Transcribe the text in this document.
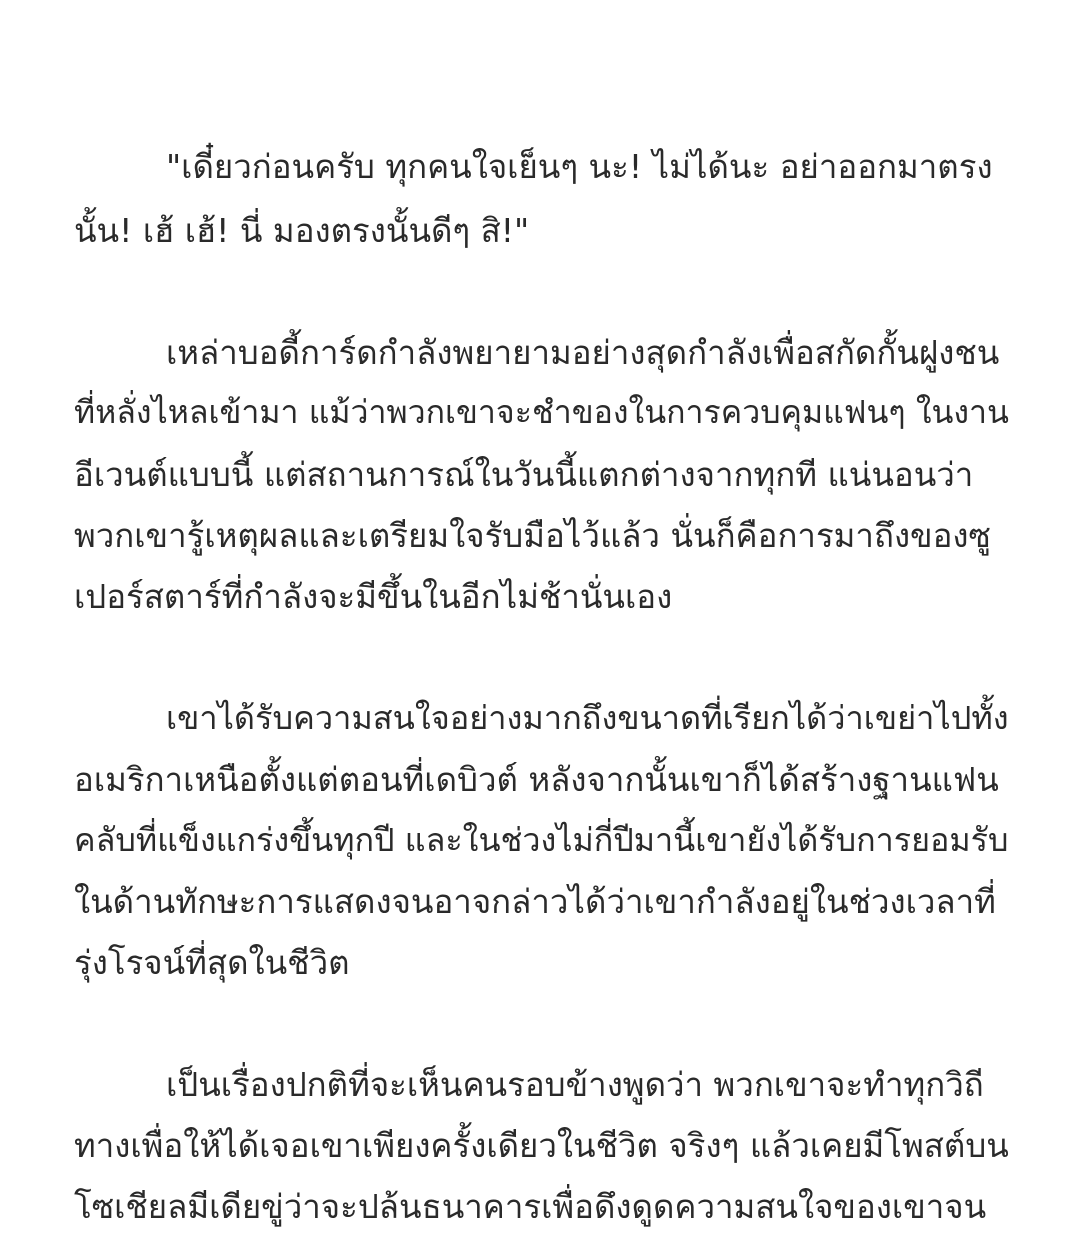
"เดี๋ยวก่อนครับ ทุกคนใจเย็นๆ นะ! ไม่ได้นะ อย่าออกมาตรง
นั้น! เฮ้ เฮ้! นี่ มองตรงนั้นดีๆ สิ!"
เหล่าบอดี้การ์ดกำลังพยายามอย่างสุดกำลังเพื่อสกัดกั้นฝูงชน
ที่หลั่งไหลเข้ามา แม้ว่าพวกเขาจะชำของในการควบคุมแฟนๆ ในงาน
อีเวนต์แบบนี้ แต่สถานการณ์ในวันนี้แตกต่างจากทุกที แน่นอนว่า
พวกเขารู้เหตุผลและเตรียมใจรับมือไว้แล้ว นั่นก็คือการมาถึงของซู
เปอร์สตาร์ที่กำลังจะมีขึ้นในอีกไม่ช้านั่นเอง
เขาได้รับความสนใจอย่างมากถึงขนาดที่เรียกได้ว่าเขย่าไปทั้ง
อเมริกาเหนือตั้งแต่ตอนที่เดบิวต์ หลังจากนั้นเขาก็ได้สร้างฐานแฟน
คลับที่แข็งแกร่งขึ้นทุกปี และในช่วงไม่กี่ปีมานี้เขายังได้รับการยอมรับ
ในด้านทักษะการแสดงจนอาจกล่าวได้ว่าเขากำลังอยู่ในช่วงเวลาที่
รุ่งโรจน์ที่สุดในชีวิต
เป็นเรื่องปกติที่จะเห็นคนรอบข้างพูดว่า พวกเขาจะทำทุกวิถี
ทางเพื่อให้ได้เจอเขาเพียงครั้งเดียวในชีวิต จริงๆ แล้วเคยมีโพสต์บน
โซเชียลมีเดียขู่ว่าจะปล้นธนาคารเพื่อดึงดูดความสนใจของเขาจน
